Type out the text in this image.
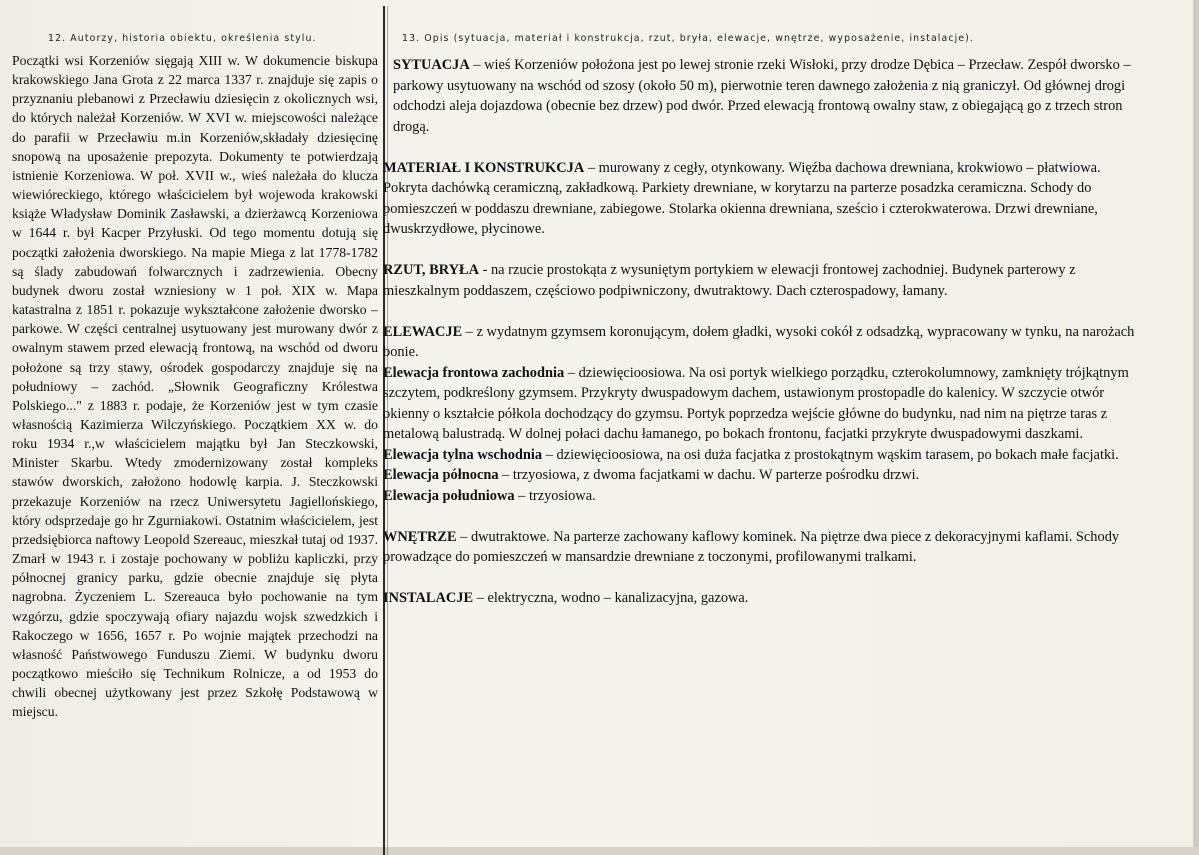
12. Autorzy, historia obiektu, określenia stylu.	13. Opis (sytuacja, materiał i konstrukcja, rzut, bryła, elewacje, wnętrze, wyposażenie, instalacje).

Początki wsi Korzeniów sięgają XIII w. W dokumencie biskupa krakowskiego Jana Grota z 22 marca 1337 r. znajduje się zapis o przyznaniu plebanowi z Przecławiu dziesięcin z okolicznych wsi, do których należał Korzeniów. W XVI w. miejscowości należące do parafii w Przecławiu m.in Korzeniów,składały dziesięcinę snopową na uposażenie prepozyta. Dokumenty te potwierdzają istnienie Korzeniowa. W poł. XVII w., wieś należała do klucza wiewióreckiego, którego właścicielem był wojewoda krakowski książe Władysław Dominik Zasławski, a dzierżawcą Korzeniowa w 1644 r. był Kacper Przyłuski. Od tego momentu dotują się początki założenia dworskiego. Na mapie Miega z lat 1778-1782 są ślady zabudowań folwarcznych i zadrzewienia. Obecny budynek dworu został wzniesiony w 1 poł. XIX w. Mapa katastralna z 1851 r. pokazuje wykształcone założenie dworsko – parkowe. W części centralnej usytuowany jest murowany dwór z owalnym stawem przed elewacją frontową, na wschód od dworu położone są trzy stawy, ośrodek gospodarczy znajduje się na południowy – zachód. „Słownik Geograficzny Królestwa Polskiego..." z 1883 r. podaje, że Korzeniów jest w tym czasie własnością Kazimierza Wilczyńskiego. Początkiem XX w. do roku 1934 r.,w właścicielem majątku był Jan Steczkowski, Minister Skarbu. Wtedy zmodernizowany został kompleks stawów dworskich, założono hodowlę karpia. J. Steczkowski przekazuje Korzeniów na rzecz Uniwersytetu Jagiellońskiego, który odsprzedaje go hr Zgurniakowi. Ostatnim właścicielem, jest przedsiębiorca naftowy Leopold Szereauc, mieszkał tutaj od 1937. Zmarł w 1943 r. i zostaje pochowany w pobliżu kapliczki, przy północnej granicy parku, gdzie obecnie znajduje się płyta nagrobna. Życzeniem L. Szereauca było pochowanie na tym wzgórzu, gdzie spoczywają ofiary najazdu wojsk szwedzkich i Rakoczego w 1656, 1657 r. Po wojnie majątek przechodzi na własność Państwowego Funduszu Ziemi. W budynku dworu początkowo mieściło się Technikum Rolnicze, a od 1953 do chwili obecnej użytkowany jest przez Szkołę Podstawową w miejscu.

SYTUACJA – wieś Korzeniów położona jest po lewej stronie rzeki Wisłoki, przy drodze Dębica – Przecław. Zespół dworsko – parkowy usytuowany na wschód od szosy (około 50 m), pierwotnie teren dawnego założenia z nią graniczył. Od głównej drogi odchodzi aleja dojazdowa (obecnie bez drzew) pod dwór. Przed elewacją frontową owalny staw, z obiegającą go z trzech stron drogą.

MATERIAŁ I KONSTRUKCJA – murowany z cegły, otynkowany. Więźba dachowa drewniana, krokwiowo – płatwiowa. Pokryta dachówką ceramiczną, zakładkową. Parkiety drewniane, w korytarzu na parterze posadzka ceramiczna. Schody do pomieszczeń w poddaszu drewniane, zabiegowe. Stolarka okienna drewniana, sześcio i czterokwaterowa. Drzwi drewniane, dwuskrzydłowe, płycinowe.

RZUT, BRYŁA - na rzucie prostokąta z wysuniętym portykiem w elewacji frontowej zachodniej. Budynek parterowy z mieszkalnym poddaszem, częściowo podpiwniczony, dwutraktowy. Dach czterospadowy, łamany.

ELEWACJE – z wydatnym gzymsem koronującym, dołem gładki, wysoki cokół z odsadzką, wypracowany w tynku, na narożach bonie.

Elewacja frontowa zachodnia – dziewięcioosiowa. Na osi portyk wielkiego porządku, czterokolumnowy, zamknięty trójkątnym szczytem, podkreślony gzymsem. Przykryty dwuspadowym dachem, ustawionym prostopadle do kalenicy. W szczycie otwór okienny o kształcie półkola dochodzący do gzymsu. Portyk poprzedza wejście główne do budynku, nad nim na piętrze taras z metalową balustradą. W dolnej połaci dachu łamanego, po bokach frontonu, facjatki przykryte dwuspadowymi daszkami.

Elewacja tylna wschodnia – dziewięcioosiowa, na osi duża facjatka z prostokątnym wąskim tarasem, po bokach małe facjatki.

Elewacja północna – trzyosiowa, z dwoma facjatkami w dachu. W parterze pośrodku drzwi.

Elewacja południowa – trzyosiowa.

WNĘTRZE – dwutraktowe. Na parterze zachowany kaflowy kominek. Na piętrze dwa piece z dekoracyjnymi kaflami. Schody prowadzące do pomieszczeń w mansardzie drewniane z toczonymi, profilowanymi tralkami.

INSTALACJE – elektryczna, wodno – kanalizacyjna, gazowa.
